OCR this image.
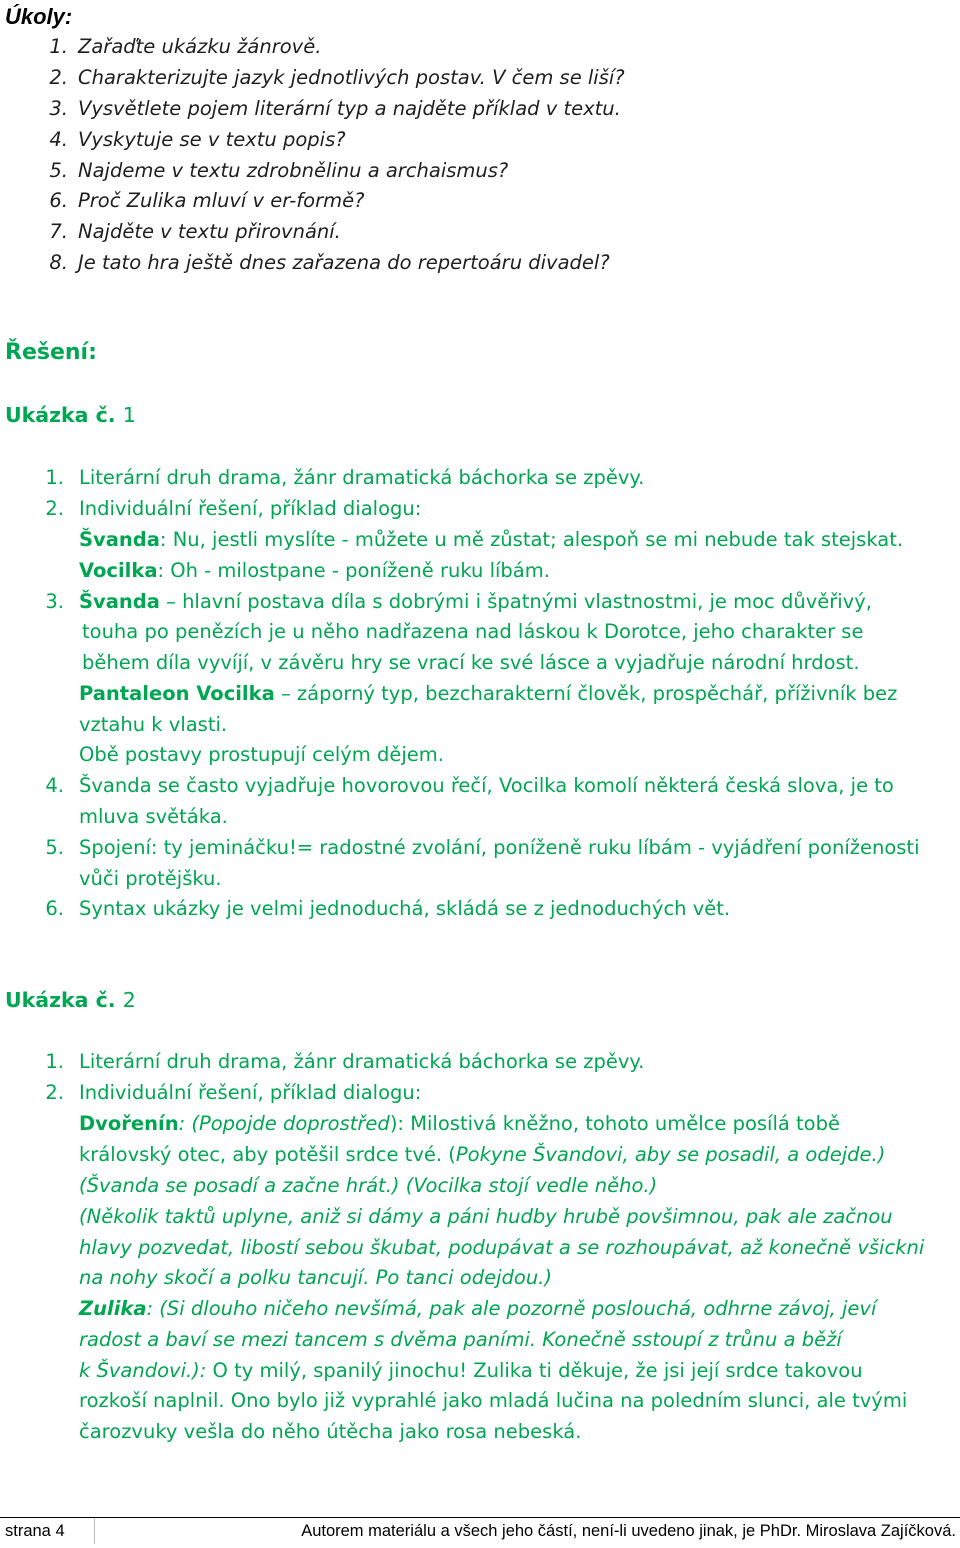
Úkoly:
1. Zařaďte ukázku žánrově.
2. Charakterizujte jazyk jednotlivých postav. V čem se liší?
3. Vysvětlete pojem literární typ a najděte příklad v textu.
4. Vyskytuje se v textu popis?
5. Najdeme v textu zdrobnělinu a archaismus?
6. Proč Zulika mluví v er-formě?
7. Najděte v textu přirovnání.
8. Je tato hra ještě dnes zařazena do repertoáru divadel?
Řešení:
Ukázka č. 1
1. Literární druh drama, žánr dramatická báchorka se zpěvy.
2. Individuální řešení, příklad dialogu:
Švanda: Nu, jestli myslíte - můžete u mě zůstat; alespoň se mi nebude tak stejskat.
Vocilka: Oh - milostpane - poníženě ruku líbám.
3. Švanda – hlavní postava díla s dobrými i špatnými vlastnostmi, je moc důvěřivý,
touha po penězích je u něho nadřazena nad láskou k Dorotce, jeho charakter se
během díla vyvíjí, v závěru hry se vrací ke své lásce a vyjadřuje národní hrdost.
Pantaleon Vocilka – záporný typ, bezcharakterní člověk, prospěchář, příživník bez
vztahu k vlasti.
Obě postavy prostupují celým dějem.
4. Švanda se často vyjadřuje hovorovou řečí, Vocilka komolí některá česká slova, je to
mluva světáka.
5. Spojení: ty jemináčku!= radostné zvolání, poníženě ruku líbám - vyjádření poníženosti
vůči protějšku.
6. Syntax ukázky je velmi jednoduchá, skládá se z jednoduchých vět.
Ukázka č. 2
1. Literární druh drama, žánr dramatická báchorka se zpěvy.
2. Individuální řešení, příklad dialogu:
Dvořenín: (Popojde doprostřed): Milostivá kněžno, tohoto umělce posílá tobě
královský otec, aby potěšil srdce tvé. (Pokyne Švandovi, aby se posadil, a odejde.)
(Švanda se posadí a začne hrát.) (Vocilka stojí vedle něho.)
(Několik taktů uplyne, aniž si dámy a páni hudby hrubě povšimnou, pak ale začnou
hlavy pozvedat, libostí sebou škubat, podupávat a se rozhoupávat, až konečně všickni
na nohy skočí a polku tancují. Po tanci odejdou.)
Zulika: (Si dlouho ničeho nevšímá, pak ale pozorně poslouchá, odhrne závoj, jeví
radost a baví se mezi tancem s dvěma paními. Konečně sstoupí z trůnu a běží
k Švandovi.): O ty milý, spanilý jinochu! Zulika ti děkuje, že jsi její srdce takovou
rozkoší naplnil. Ono bylo již vyprahlé jako mladá lučina na poledním slunci, ale tvými
čarozvuky vešla do něho útěcha jako rosa nebeská.
strana 4	Autorem materiálu a všech jeho částí, není-li uvedeno jinak, je PhDr. Miroslava Zajíčková.
